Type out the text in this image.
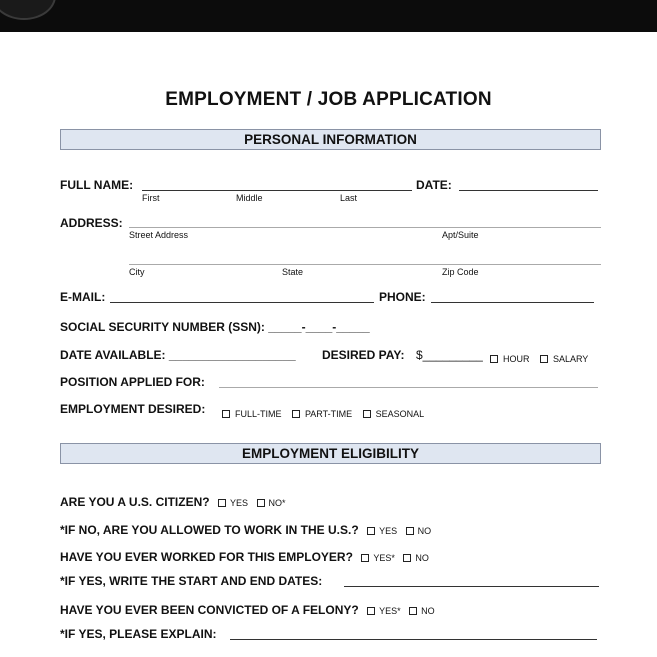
EMPLOYMENT / JOB APPLICATION
PERSONAL INFORMATION
FULL NAME:
First	Middle	Last
DATE:
ADDRESS:
Street Address	Apt/Suite
City	State	Zip Code
E-MAIL:	PHONE:
SOCIAL SECURITY NUMBER (SSN): _____-____-_____
DATE AVAILABLE: ___________________ DESIRED PAY: $_________	HOUR	SALARY
POSITION APPLIED FOR:
EMPLOYMENT DESIRED:	FULL-TIME	PART-TIME	SEASONAL
EMPLOYMENT ELIGIBILITY
ARE YOU A U.S. CITIZEN? YES NO*
*IF NO, ARE YOU ALLOWED TO WORK IN THE U.S.? YES NO
HAVE YOU EVER WORKED FOR THIS EMPLOYER? YES* NO
*IF YES, WRITE THE START AND END DATES:
HAVE YOU EVER BEEN CONVICTED OF A FELONY? YES* NO
*IF YES, PLEASE EXPLAIN:
